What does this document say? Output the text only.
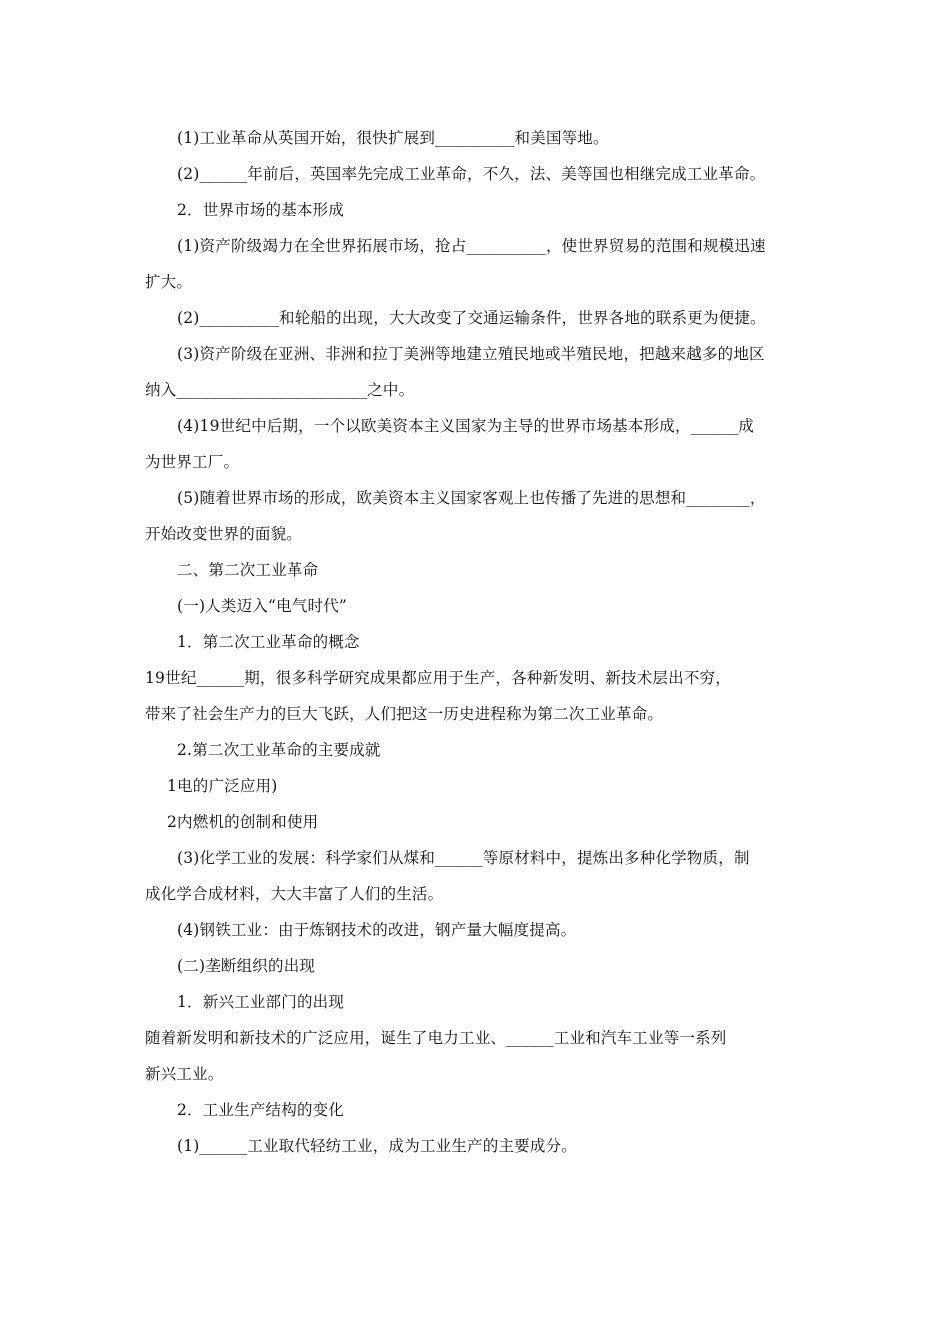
(1)工业革命从英国开始，很快扩展到__________和美国等地。
(2)______年前后，英国率先完成工业革命，不久，法、美等国也相继完成工业革命。
2．世界市场的基本形成
(1)资产阶级竭力在全世界拓展市场，抢占__________，使世界贸易的范围和规模迅速
扩大。
(2)__________和轮船的出现，大大改变了交通运输条件，世界各地的联系更为便捷。
(3)资产阶级在亚洲、非洲和拉丁美洲等地建立殖民地或半殖民地，把越来越多的地区
纳入________________________之中。
(4)19世纪中后期，一个以欧美资本主义国家为主导的世界市场基本形成，______成
为世界工厂。
(5)随着世界市场的形成，欧美资本主义国家客观上也传播了先进的思想和________，
开始改变世界的面貌。
二、第二次工业革命
(一)人类迈入“电气时代”
1．第二次工业革命的概念
19世纪______期，很多科学研究成果都应用于生产，各种新发明、新技术层出不穷，
带来了社会生产力的巨大飞跃，人们把这一历史进程称为第二次工业革命。
2.第二次工业革命的主要成就
1电的广泛应用)
2内燃机的创制和使用
(3)化学工业的发展：科学家们从煤和______等原材料中，提炼出多种化学物质，制
成化学合成材料，大大丰富了人们的生活。
(4)钢铁工业：由于炼钢技术的改进，钢产量大幅度提高。
(二)垄断组织的出现
1．新兴工业部门的出现
随着新发明和新技术的广泛应用，诞生了电力工业、______工业和汽车工业等一系列
新兴工业。
2．工业生产结构的变化
(1)______工业取代轻纺工业，成为工业生产的主要成分。
